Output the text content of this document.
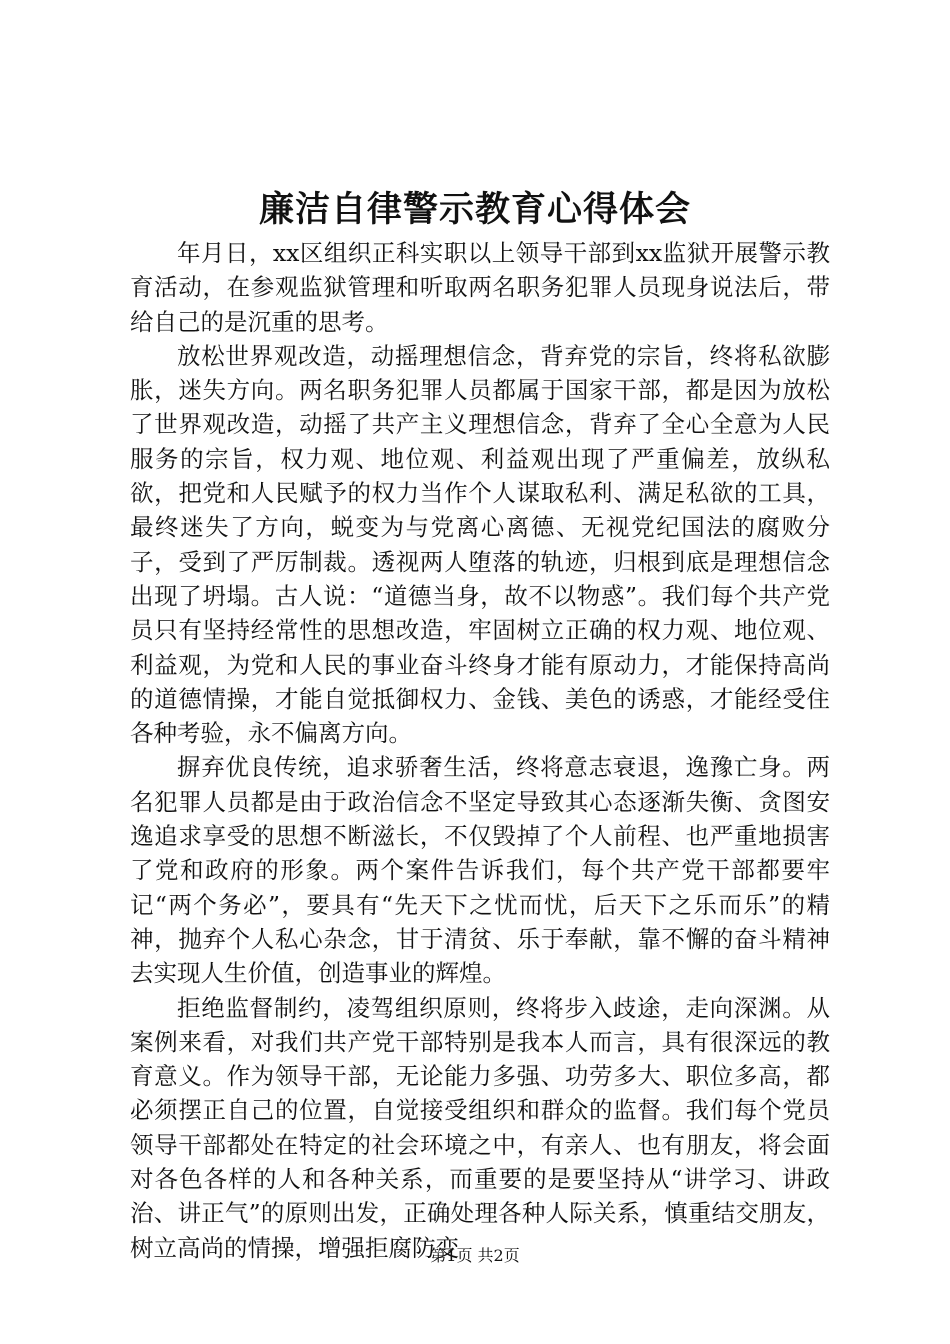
廉洁自律警示教育心得体会

年月日，xx区组织正科实职以上领导干部到xx监狱开展警示教育活动，在参观监狱管理和听取两名职务犯罪人员现身说法后，带给自己的是沉重的思考。

放松世界观改造，动摇理想信念，背弃党的宗旨，终将私欲膨胀，迷失方向。两名职务犯罪人员都属于国家干部，都是因为放松了世界观改造，动摇了共产主义理想信念，背弃了全心全意为人民服务的宗旨，权力观、地位观、利益观出现了严重偏差，放纵私欲，把党和人民赋予的权力当作个人谋取私利、满足私欲的工具，最终迷失了方向，蜕变为与党离心离德、无视党纪国法的腐败分子，受到了严厉制裁。透视两人堕落的轨迹，归根到底是理想信念出现了坍塌。古人说：“道德当身，故不以物惑”。我们每个共产党员只有坚持经常性的思想改造，牢固树立正确的权力观、地位观、利益观，为党和人民的事业奋斗终身才能有原动力，才能保持高尚的道德情操，才能自觉抵御权力、金钱、美色的诱惑，才能经受住各种考验，永不偏离方向。

摒弃优良传统，追求骄奢生活，终将意志衰退，逸豫亡身。两名犯罪人员都是由于政治信念不坚定导致其心态逐渐失衡、贪图安逸追求享受的思想不断滋长，不仅毁掉了个人前程、也严重地损害了党和政府的形象。两个案件告诉我们，每个共产党干部都要牢记“两个务必”，要具有“先天下之忧而忧，后天下之乐而乐”的精神，抛弃个人私心杂念，甘于清贫、乐于奉献，靠不懈的奋斗精神去实现人生价值，创造事业的辉煌。

拒绝监督制约，凌驾组织原则，终将步入歧途，走向深渊。从案例来看，对我们共产党干部特别是我本人而言，具有很深远的教育意义。作为领导干部，无论能力多强、功劳多大、职位多高，都必须摆正自己的位置，自觉接受组织和群众的监督。我们每个党员领导干部都处在特定的社会环境之中，有亲人、也有朋友，将会面对各色各样的人和各种关系，而重要的是要坚持从“讲学习、讲政治、讲正气”的原则出发，正确处理各种人际关系，慎重结交朋友，树立高尚的情操，增强拒腐防变

第1页 共2页
